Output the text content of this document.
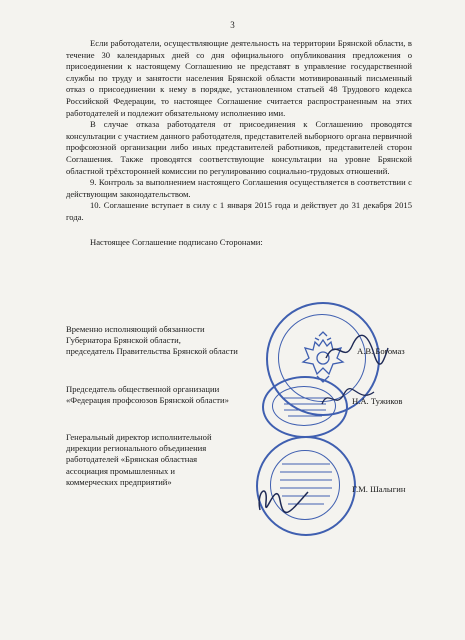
3

Если работодатели, осуществляющие деятельность на территории Брянской области, в течение 30 календарных дней со дня официального опубликования предложения о присоединении к настоящему Соглашению не представят в управление государственной службы по труду и занятости населения Брянской области мотивированный письменный отказ о присоединении к нему в порядке, установленном статьей 48 Трудового кодекса Российской Федерации, то настоящее Соглашение считается распространенным на этих работодателей и подлежит обязательному исполнению ими.

В случае отказа работодателя от присоединения к Соглашению проводятся консультации с участием данного работодателя, представителей выборного органа первичной профсоюзной организации либо иных представителей работников, представителей сторон Соглашения. Также проводятся соответствующие консультации на уровне Брянской областной трёхсторонней комиссии по регулированию социально-трудовых отношений.

9. Контроль за выполнением настоящего Соглашения осуществляется в соответствии с действующим законодательством.

10. Соглашение вступает в силу с 1 января 2015 года и действует до 31 декабря 2015 года.

Настоящее Соглашение подписано Сторонами:

Временно исполняющий обязанности
Губернатора Брянской области,
председатель Правительства Брянской области	А.В. Богомаз
Председатель общественной организации
«Федерация профсоюзов Брянской области»	Н.А. Тужиков
Генеральный директор исполнительной
дирекции регионального объединения
работодателей «Брянская областная
ассоциация промышленных и
коммерческих предприятий»
Г.М. Шалыгин
